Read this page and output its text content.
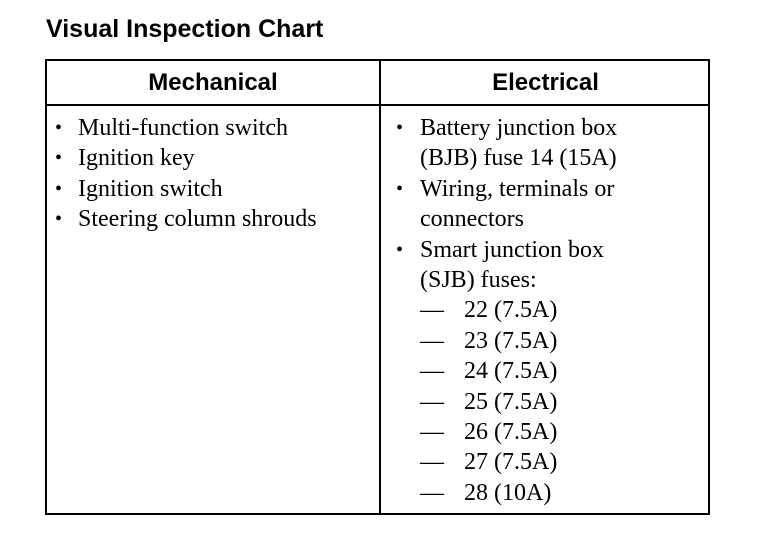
Visual Inspection Chart
Mechanical	Electrical
• Multi-function switch
• Ignition key
• Ignition switch
• Steering column shrouds
• Battery junction box
(BJB) fuse 14 (15A)
• Wiring, terminals or
connectors
• Smart junction box
(SJB) fuses:
— 22 (7.5A)
— 23 (7.5A)
— 24 (7.5A)
— 25 (7.5A)
— 26 (7.5A)
— 27 (7.5A)
— 28 (10A)
